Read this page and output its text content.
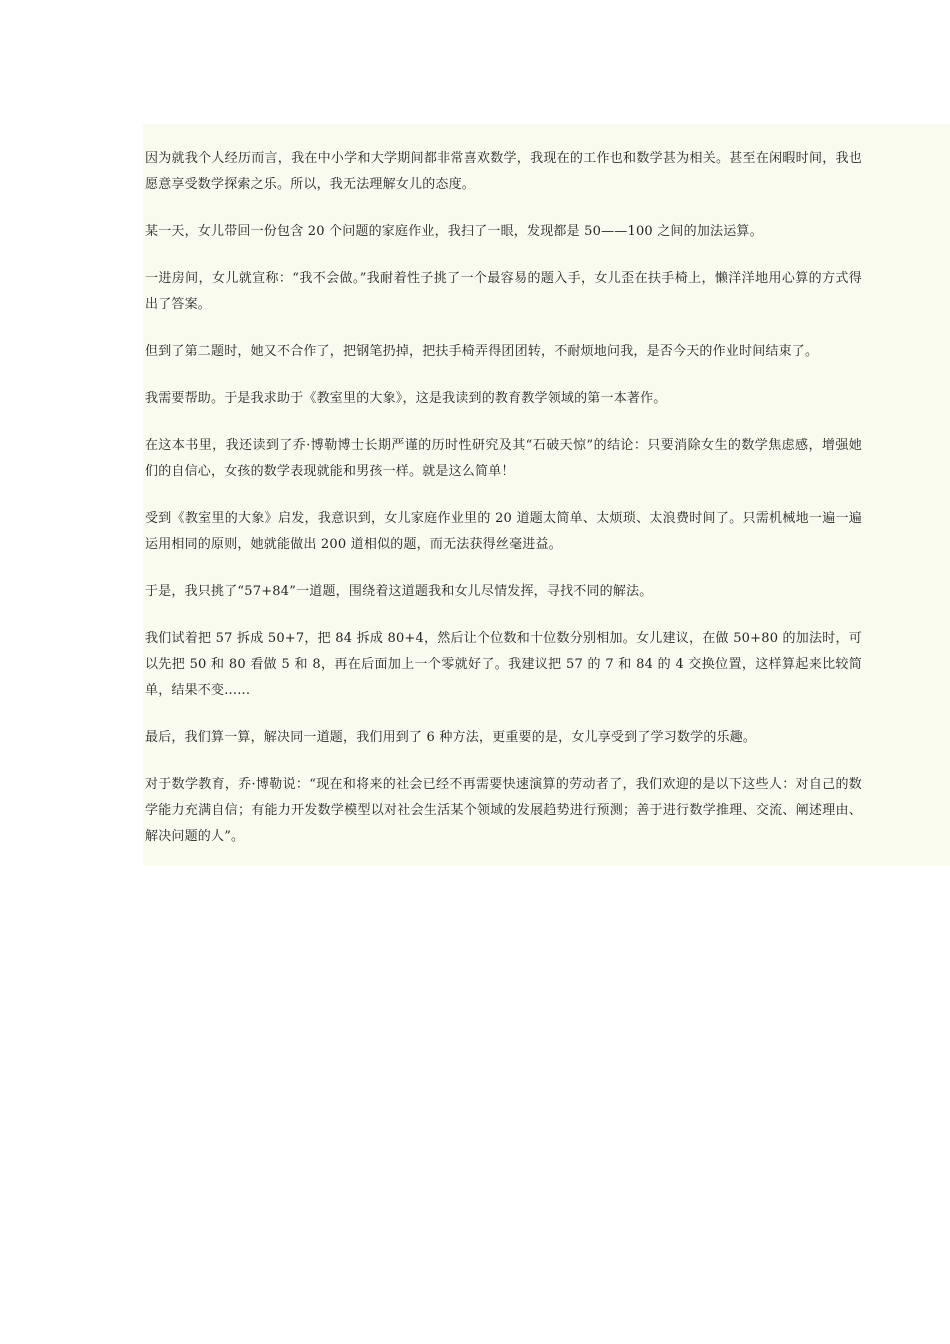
因为就我个人经历而言，我在中小学和大学期间都非常喜欢数学，我现在的工作也和数学甚为相关。甚至在闲暇时间，我也愿意享受数学探索之乐。所以，我无法理解女儿的态度。

某一天，女儿带回一份包含 20 个问题的家庭作业，我扫了一眼，发现都是 50——100 之间的加法运算。

一进房间，女儿就宣称：“我不会做。”我耐着性子挑了一个最容易的题入手，女儿歪在扶手椅上，懒洋洋地用心算的方式得出了答案。

但到了第二题时，她又不合作了，把钢笔扔掉，把扶手椅弄得团团转，不耐烦地问我，是否今天的作业时间结束了。

我需要帮助。于是我求助于《教室里的大象》，这是我读到的教育教学领域的第一本著作。

在这本书里，我还读到了乔·博勒博士长期严谨的历时性研究及其“石破天惊”的结论：只要消除女生的数学焦虑感，增强她们的自信心，女孩的数学表现就能和男孩一样。就是这么简单！

受到《教室里的大象》启发，我意识到，女儿家庭作业里的 20 道题太简单、太烦琐、太浪费时间了。只需机械地一遍一遍运用相同的原则，她就能做出 200 道相似的题，而无法获得丝毫进益。

于是，我只挑了“57+84”一道题，围绕着这道题我和女儿尽情发挥，寻找不同的解法。

我们试着把 57 拆成 50+7，把 84 拆成 80+4，然后让个位数和十位数分别相加。女儿建议，在做 50+80 的加法时，可以先把 50 和 80 看做 5 和 8，再在后面加上一个零就好了。我建议把 57 的 7 和 84 的 4 交换位置，这样算起来比较简单，结果不变......

最后，我们算一算，解决同一道题，我们用到了 6 种方法，更重要的是，女儿享受到了学习数学的乐趣。

对于数学教育，乔·博勒说：“现在和将来的社会已经不再需要快速演算的劳动者了，我们欢迎的是以下这些人：对自己的数学能力充满自信；有能力开发数学模型以对社会生活某个领域的发展趋势进行预测；善于进行数学推理、交流、阐述理由、解决问题的人”。
